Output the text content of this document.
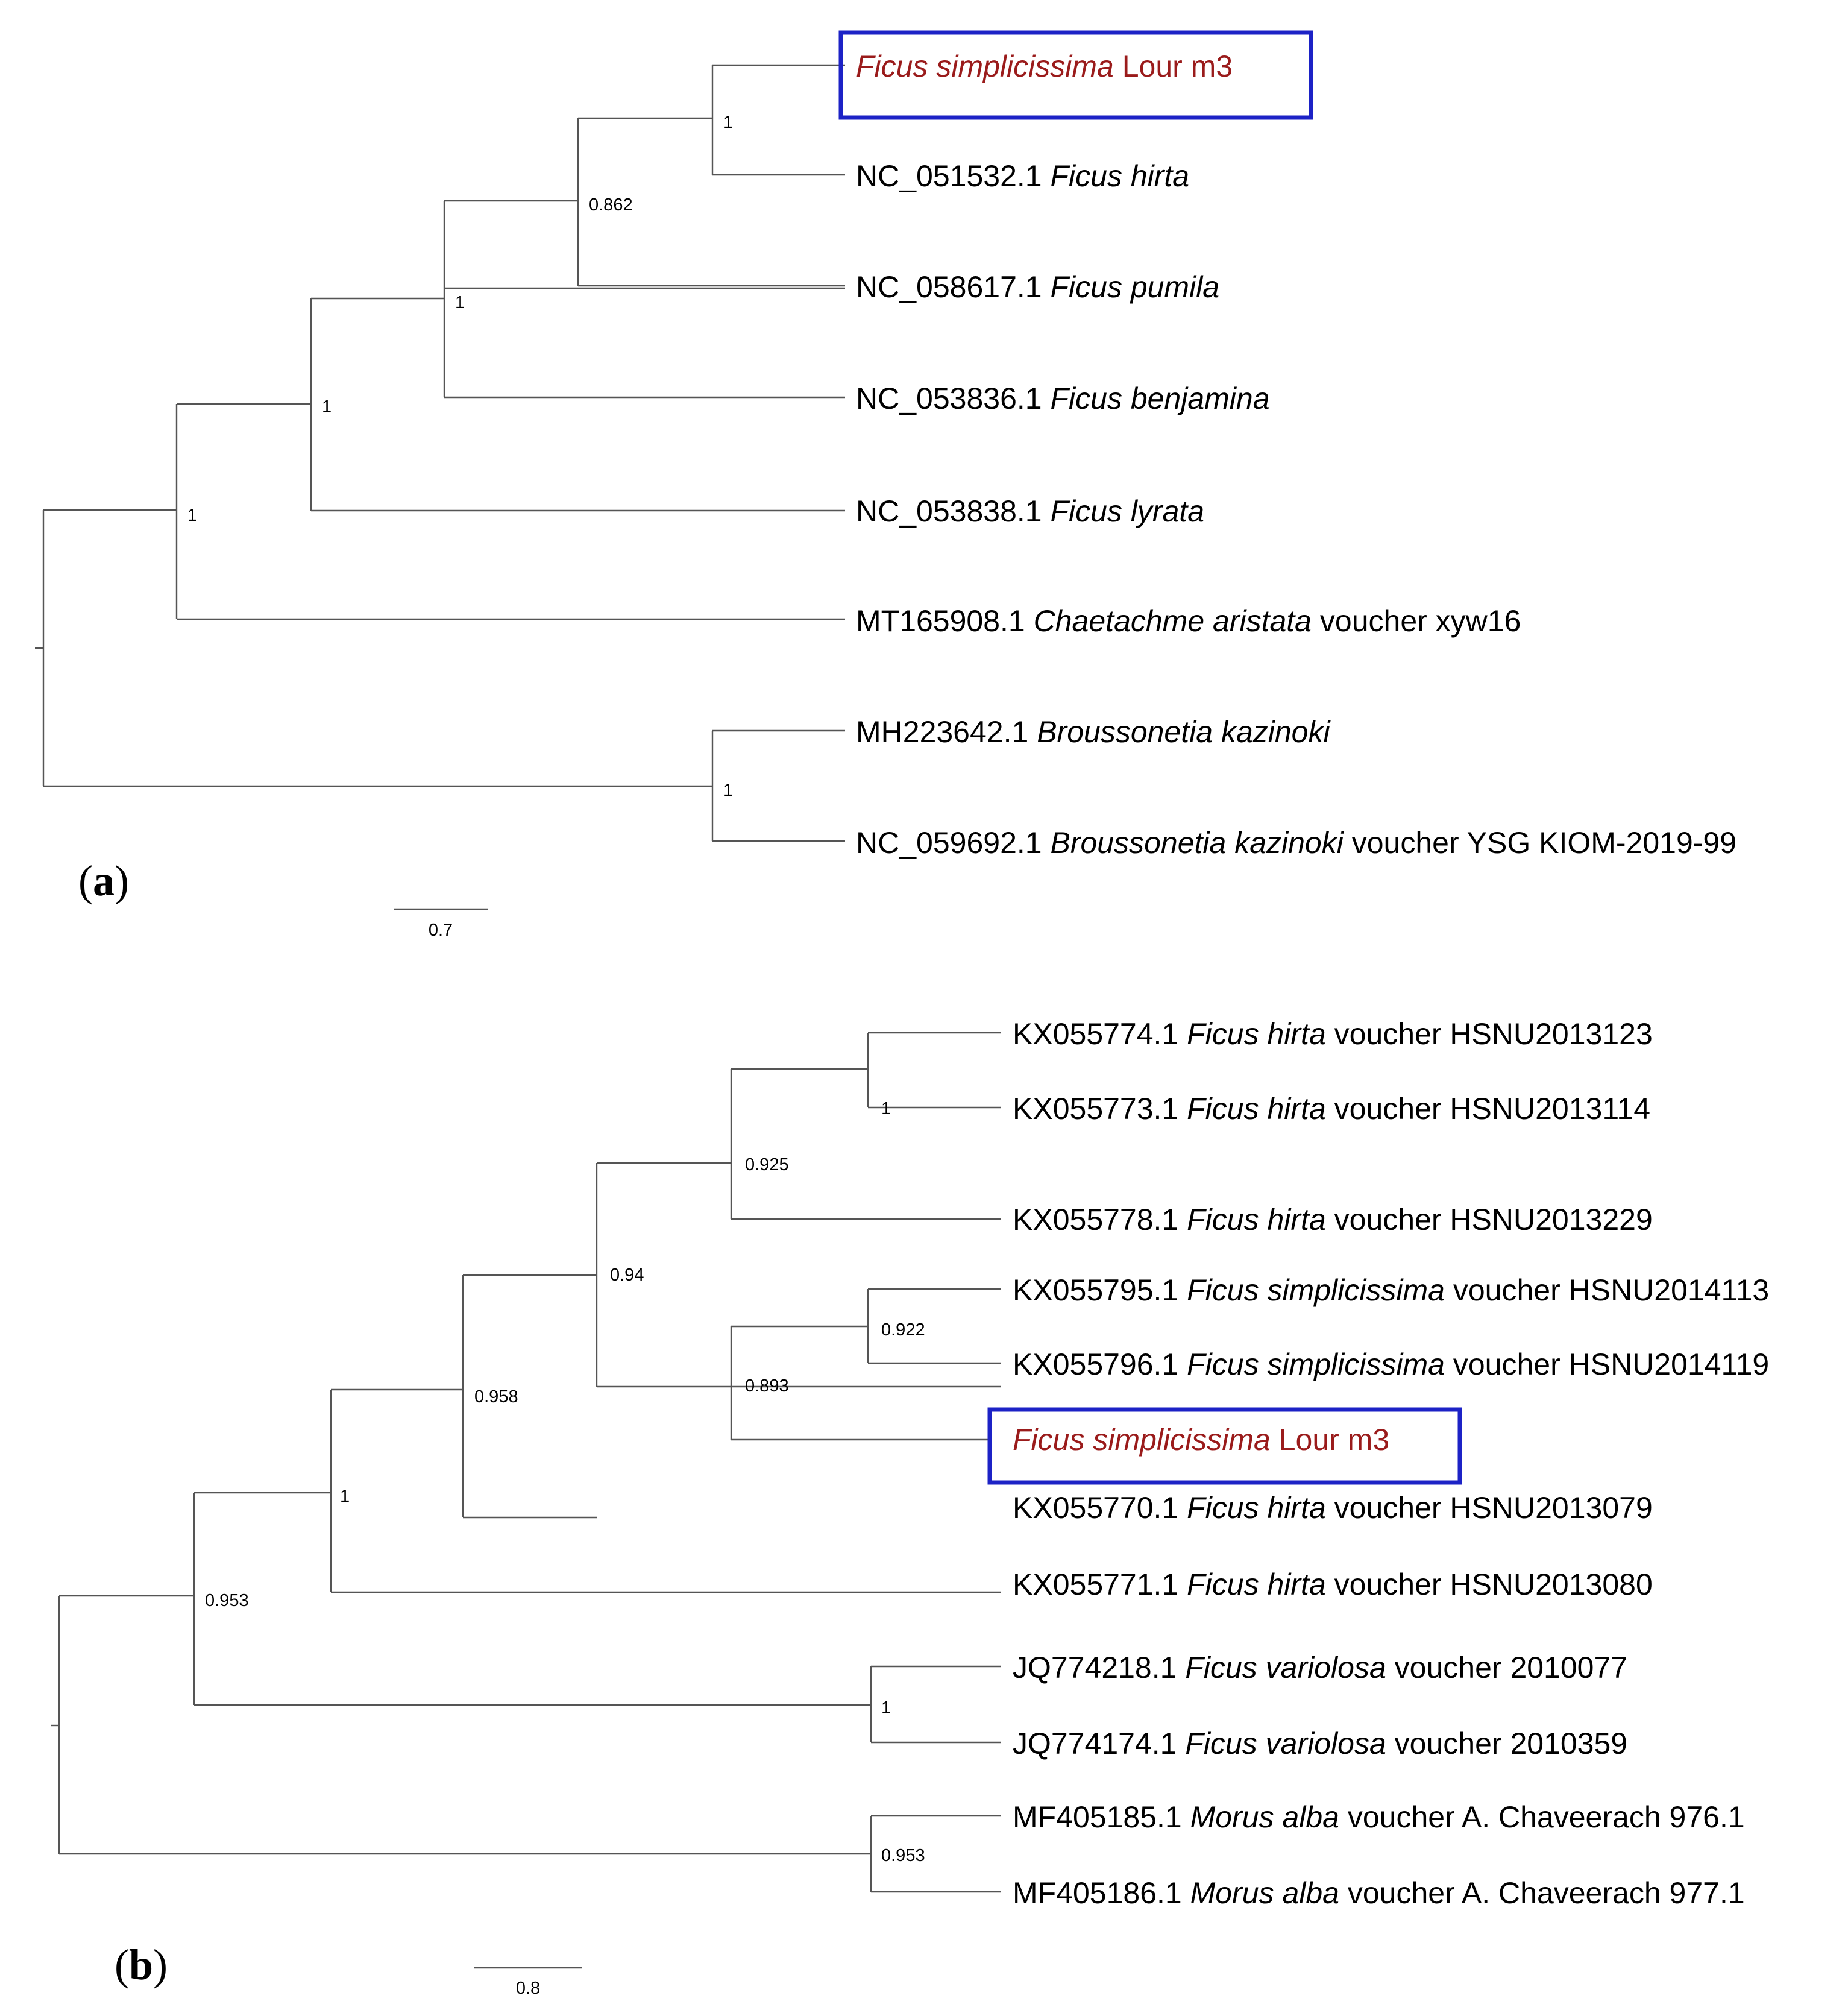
1
0.862
1
1
1
1
Ficus simplicissima Lour m3
NC_051532.1 Ficus hirta
NC_058617.1 Ficus pumila
NC_053836.1 Ficus benjamina
NC_053838.1 Ficus lyrata
MT165908.1 Chaetachme aristata voucher xyw16
MH223642.1 Broussonetia kazinoki
NC_059692.1 Broussonetia kazinoki voucher YSG KIOM-2019-99
(a)
0.7
1
0.925
0.922
0.893
0.94
0.958
1
1
0.953
0.953
KX055774.1 Ficus hirta voucher HSNU2013123
KX055773.1 Ficus hirta voucher HSNU2013114
KX055778.1 Ficus hirta voucher HSNU2013229
KX055795.1 Ficus simplicissima voucher HSNU2014113
KX055796.1 Ficus simplicissima voucher HSNU2014119
Ficus simplicissima Lour m3
KX055770.1 Ficus hirta voucher HSNU2013079
KX055771.1 Ficus hirta voucher HSNU2013080
JQ774218.1 Ficus variolosa voucher 2010077
JQ774174.1 Ficus variolosa voucher 2010359
MF405185.1 Morus alba voucher A. Chaveerach 976.1
MF405186.1 Morus alba voucher A. Chaveerach 977.1
(b)	0.8
